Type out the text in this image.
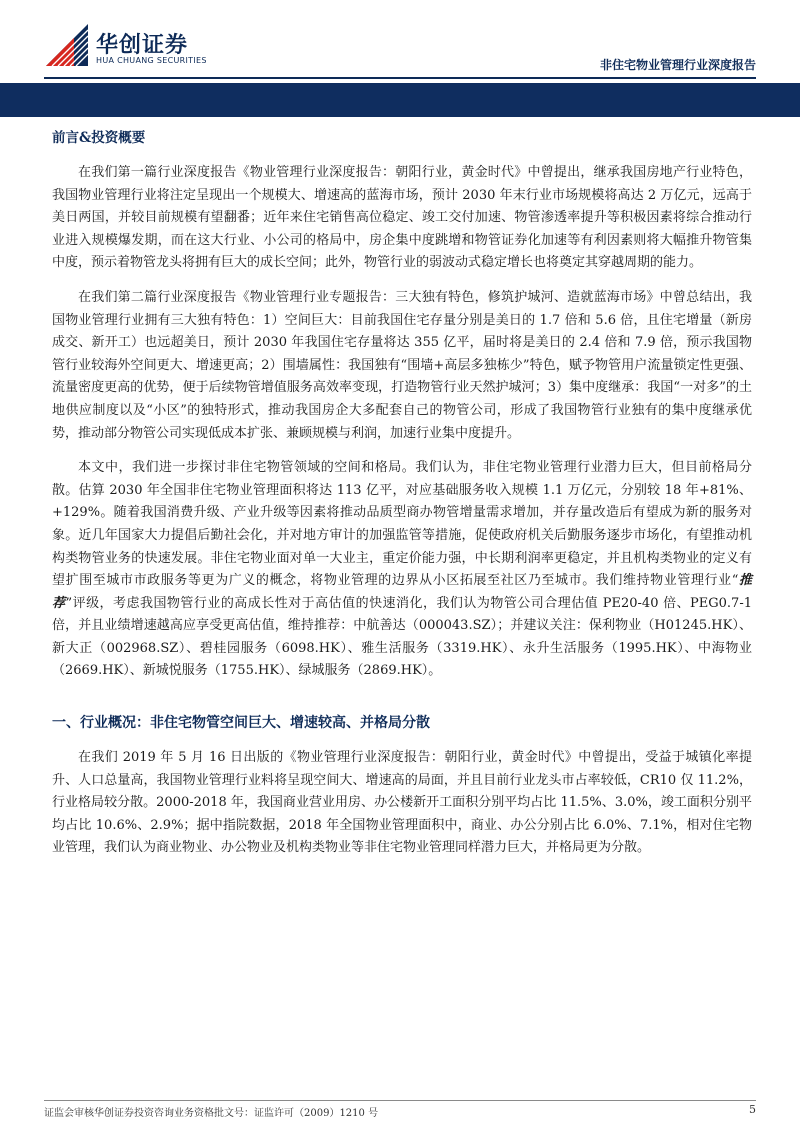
华创证券
HUA CHUANG SECURITIES	非住宅物业管理行业深度报告
前言&投资概要

在我们第一篇行业深度报告《物业管理行业深度报告：朝阳行业，黄金时代》中曾提出，继承我国房地产行业特色，我国物业管理行业将注定呈现出一个规模大、增速高的蓝海市场，预计 2030 年末行业市场规模将高达 2 万亿元，远高于美日两国，并较目前规模有望翻番；近年来住宅销售高位稳定、竣工交付加速、物管渗透率提升等积极因素将综合推动行业进入规模爆发期，而在这大行业、小公司的格局中，房企集中度跳增和物管证券化加速等有利因素则将大幅推升物管集中度，预示着物管龙头将拥有巨大的成长空间；此外，物管行业的弱波动式稳定增长也将奠定其穿越周期的能力。

在我们第二篇行业深度报告《物业管理行业专题报告：三大独有特色，修筑护城河、造就蓝海市场》中曾总结出，我国物业管理行业拥有三大独有特色：1）空间巨大：目前我国住宅存量分别是美日的 1.7 倍和 5.6 倍，且住宅增量（新房成交、新开工）也远超美日，预计 2030 年我国住宅存量将达 355 亿平，届时将是美日的 2.4 倍和 7.9 倍，预示我国物管行业较海外空间更大、增速更高；2）围墙属性：我国独有“围墙+高层多独栋少”特色，赋予物管用户流量锁定性更强、流量密度更高的优势，便于后续物管增值服务高效率变现，打造物管行业天然护城河；3）集中度继承：我国“一对多”的土地供应制度以及“小区”的独特形式，推动我国房企大多配套自己的物管公司，形成了我国物管行业独有的集中度继承优势，推动部分物管公司实现低成本扩张、兼顾规模与利润，加速行业集中度提升。

本文中，我们进一步探讨非住宅物管领域的空间和格局。我们认为，非住宅物业管理行业潜力巨大，但目前格局分散。估算 2030 年全国非住宅物业管理面积将达 113 亿平，对应基础服务收入规模 1.1 万亿元，分别较 18 年+81%、+129%。随着我国消费升级、产业升级等因素将推动品质型商办物管增量需求增加，并存量改造后有望成为新的服务对象。近几年国家大力提倡后勤社会化，并对地方审计的加强监管等措施，促使政府机关后勤服务逐步市场化，有望推动机构类物管业务的快速发展。非住宅物业面对单一大业主，重定价能力强，中长期利润率更稳定，并且机构类物业的定义有望扩围至城市市政服务等更为广义的概念，将物业管理的边界从小区拓展至社区乃至城市。我们维持物业管理行业“推荐”评级，考虑我国物管行业的高成长性对于高估值的快速消化，我们认为物管公司合理估值 PE20-40 倍、PEG0.7-1 倍，并且业绩增速越高应享受更高估值，维持推荐：中航善达（000043.SZ）；并建议关注：保利物业（H01245.HK）、新大正（002968.SZ）、碧桂园服务（6098.HK）、雅生活服务（3319.HK）、永升生活服务（1995.HK）、中海物业（2669.HK）、新城悦服务（1755.HK）、绿城服务（2869.HK）。

一、行业概况：非住宅物管空间巨大、增速较高、并格局分散

在我们 2019 年 5 月 16 日出版的《物业管理行业深度报告：朝阳行业，黄金时代》中曾提出，受益于城镇化率提升、人口总量高，我国物业管理行业料将呈现空间大、增速高的局面，并且目前行业龙头市占率较低，CR10 仅 11.2%，行业格局较分散。2000-2018 年，我国商业营业用房、办公楼新开工面积分别平均占比 11.5%、3.0%，竣工面积分别平均占比 10.6%、2.9%；据中指院数据，2018 年全国物业管理面积中，商业、办公分别占比 6.0%、7.1%，相对住宅物业管理，我们认为商业物业、办公物业及机构类物业等非住宅物业管理同样潜力巨大，并格局更为分散。

证监会审核华创证券投资咨询业务资格批文号：证监许可（2009）1210 号	5
